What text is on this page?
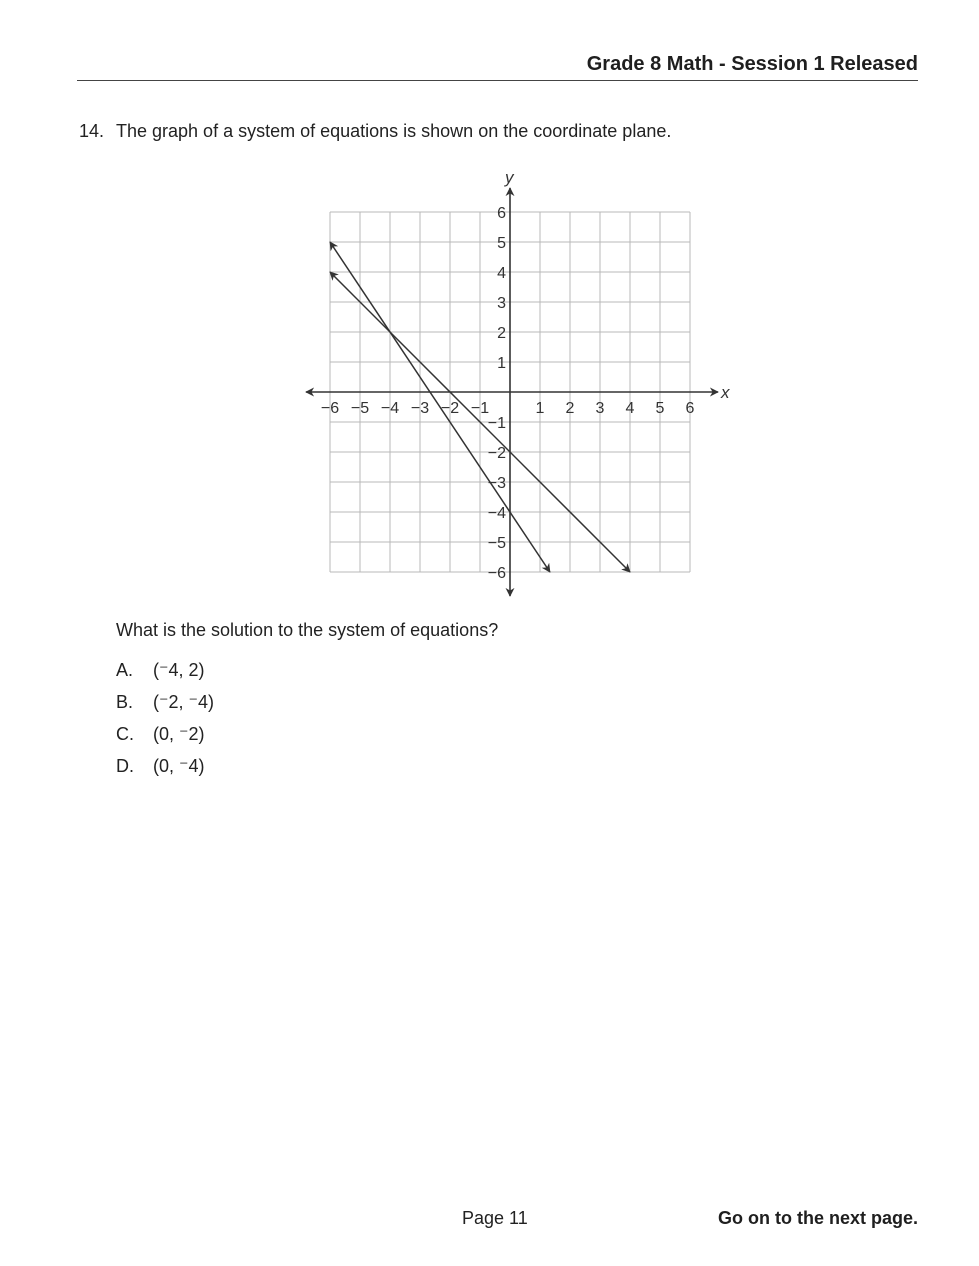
Grade 8 Math - Session 1 Released
14. The graph of a system of equations is shown on the coordinate plane.
x
y
−6 −5 −4 −3 −2 −1	1 2 3 4 5 6
6
5
4
3
2
1
−1
−2
−3
−4
−5
−6
What is the solution to the system of equations?
A. (⁻4, 2)
B. (⁻2, ⁻4)
C. (0, ⁻2)
D. (0, ⁻4)
Page 11	Go on to the next page.
